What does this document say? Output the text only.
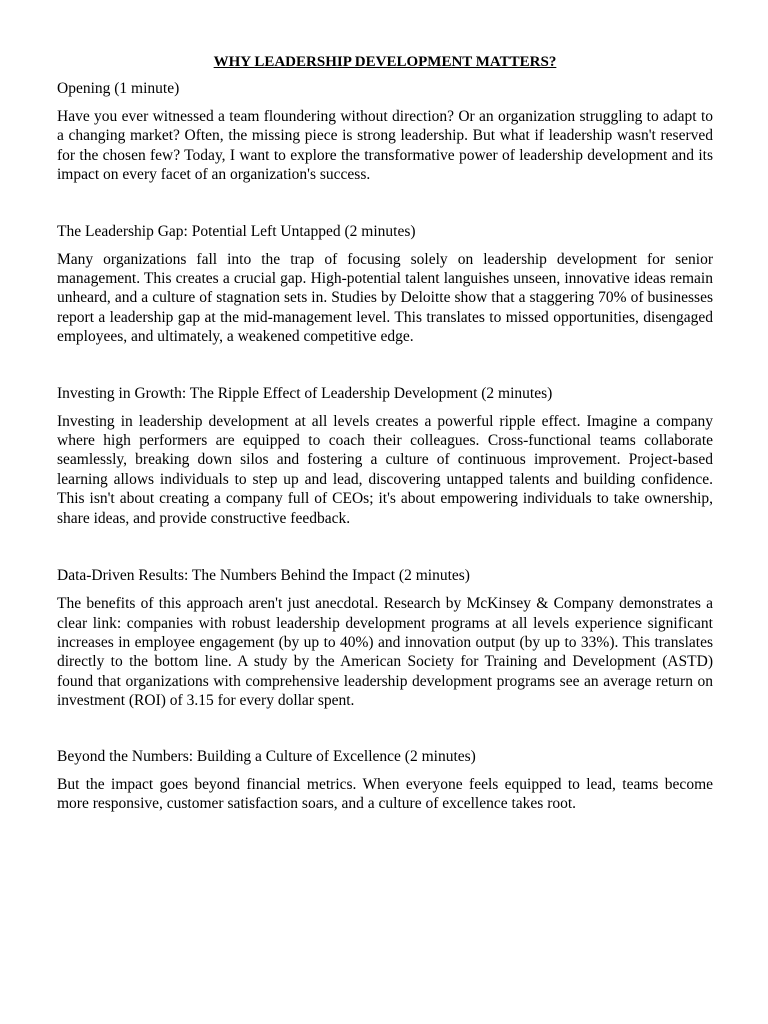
WHY LEADERSHIP DEVELOPMENT MATTERS?
Opening (1 minute)

Have you ever witnessed a team floundering without direction? Or an organization struggling to adapt to a changing market? Often, the missing piece is strong leadership. But what if leadership wasn't reserved for the chosen few? Today, I want to explore the transformative power of leadership development and its impact on every facet of an organization's success.

The Leadership Gap: Potential Left Untapped (2 minutes)

Many organizations fall into the trap of focusing solely on leadership development for senior management. This creates a crucial gap. High-potential talent languishes unseen, innovative ideas remain unheard, and a culture of stagnation sets in. Studies by Deloitte show that a staggering 70% of businesses report a leadership gap at the mid-management level. This translates to missed opportunities, disengaged employees, and ultimately, a weakened competitive edge.

Investing in Growth: The Ripple Effect of Leadership Development (2 minutes)

Investing in leadership development at all levels creates a powerful ripple effect. Imagine a company where high performers are equipped to coach their colleagues. Cross-functional teams collaborate seamlessly, breaking down silos and fostering a culture of continuous improvement. Project-based learning allows individuals to step up and lead, discovering untapped talents and building confidence. This isn't about creating a company full of CEOs; it's about empowering individuals to take ownership, share ideas, and provide constructive feedback.

Data-Driven Results: The Numbers Behind the Impact (2 minutes)

The benefits of this approach aren't just anecdotal. Research by McKinsey & Company demonstrates a clear link: companies with robust leadership development programs at all levels experience significant increases in employee engagement (by up to 40%) and innovation output (by up to 33%). This translates directly to the bottom line. A study by the American Society for Training and Development (ASTD) found that organizations with comprehensive leadership development programs see an average return on investment (ROI) of 3.15 for every dollar spent.

Beyond the Numbers: Building a Culture of Excellence (2 minutes)

But the impact goes beyond financial metrics. When everyone feels equipped to lead, teams become more responsive, customer satisfaction soars, and a culture of excellence takes root.
